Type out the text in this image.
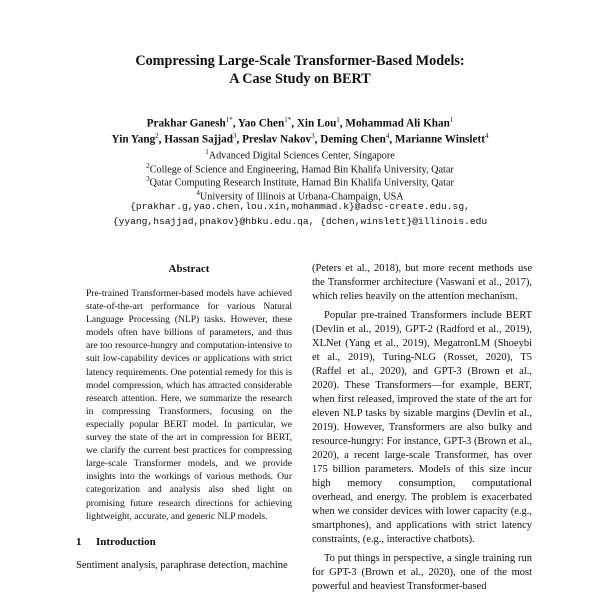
Compressing Large-Scale Transformer-Based Models:
A Case Study on BERT
Prakhar Ganesh$^{1*}$, Yao Chen$^{1*}$, Xin Lou$^1$, Mohammad Ali Khan$^1$
Yin Yang$^2$, Hassan Sajjad$^3$, Preslav Nakov$^3$, Deming Chen$^4$, Marianne Winslett$^4$
$^1$Advanced Digital Sciences Center, Singapore
$^2$College of Science and Engineering, Hamad Bin Khalifa University, Qatar
$^3$Qatar Computing Research Institute, Hamad Bin Khalifa University, Qatar
$^4$University of Illinois at Urbana-Champaign, USA
{prakhar.g,yao.chen,lou.xin,mohammad.k}@adsc-create.edu.sg,
{yyang,hsajjad,pnakov}@hbku.edu.qa, {dchen,winslett}@illinois.edu
Abstract

Pre-trained Transformer-based models have achieved state-of-the-art performance for various Natural Language Processing (NLP) tasks. However, these models often have billions of parameters, and thus are too resource-hungry and computation-intensive to suit low-capability devices or applications with strict latency requirements. One potential remedy for this is model compression, which has attracted considerable research attention. Here, we summarize the research in compressing Transformers, focusing on the especially popular BERT model. In particular, we survey the state of the art in compression for BERT, we clarify the current best practices for compressing large-scale Transformer models, and we provide insights into the workings of various methods. Our categorization and analysis also shed light on promising future research directions for achieving lightweight, accurate, and generic NLP models.

1 Introduction

Sentiment analysis, paraphrase detection, machine

(Peters et al., 2018), but more recent methods use the Transformer architecture (Vaswani et al., 2017), which relies heavily on the attention mechanism.

Popular pre-trained Transformers include BERT (Devlin et al., 2019), GPT-2 (Radford et al., 2019), XLNet (Yang et al., 2019), MegatronLM (Shoeybi et al., 2019), Turing-NLG (Rosset, 2020), T5 (Raffel et al., 2020), and GPT-3 (Brown et al., 2020). These Transformers—for example, BERT, when first released, improved the state of the art for eleven NLP tasks by sizable margins (Devlin et al., 2019). However, Transformers are also bulky and resource-hungry: For instance, GPT-3 (Brown et al., 2020), a recent large-scale Transformer, has over 175 billion parameters. Models of this size incur high memory consumption, computational overhead, and energy. The problem is exacerbated when we consider devices with lower capacity (e.g., smartphones), and applications with strict latency constraints, (e.g., interactive chatbots).

To put things in perspective, a single training run for GPT-3 (Brown et al., 2020), one of the most powerful and heaviest Transformer-based
